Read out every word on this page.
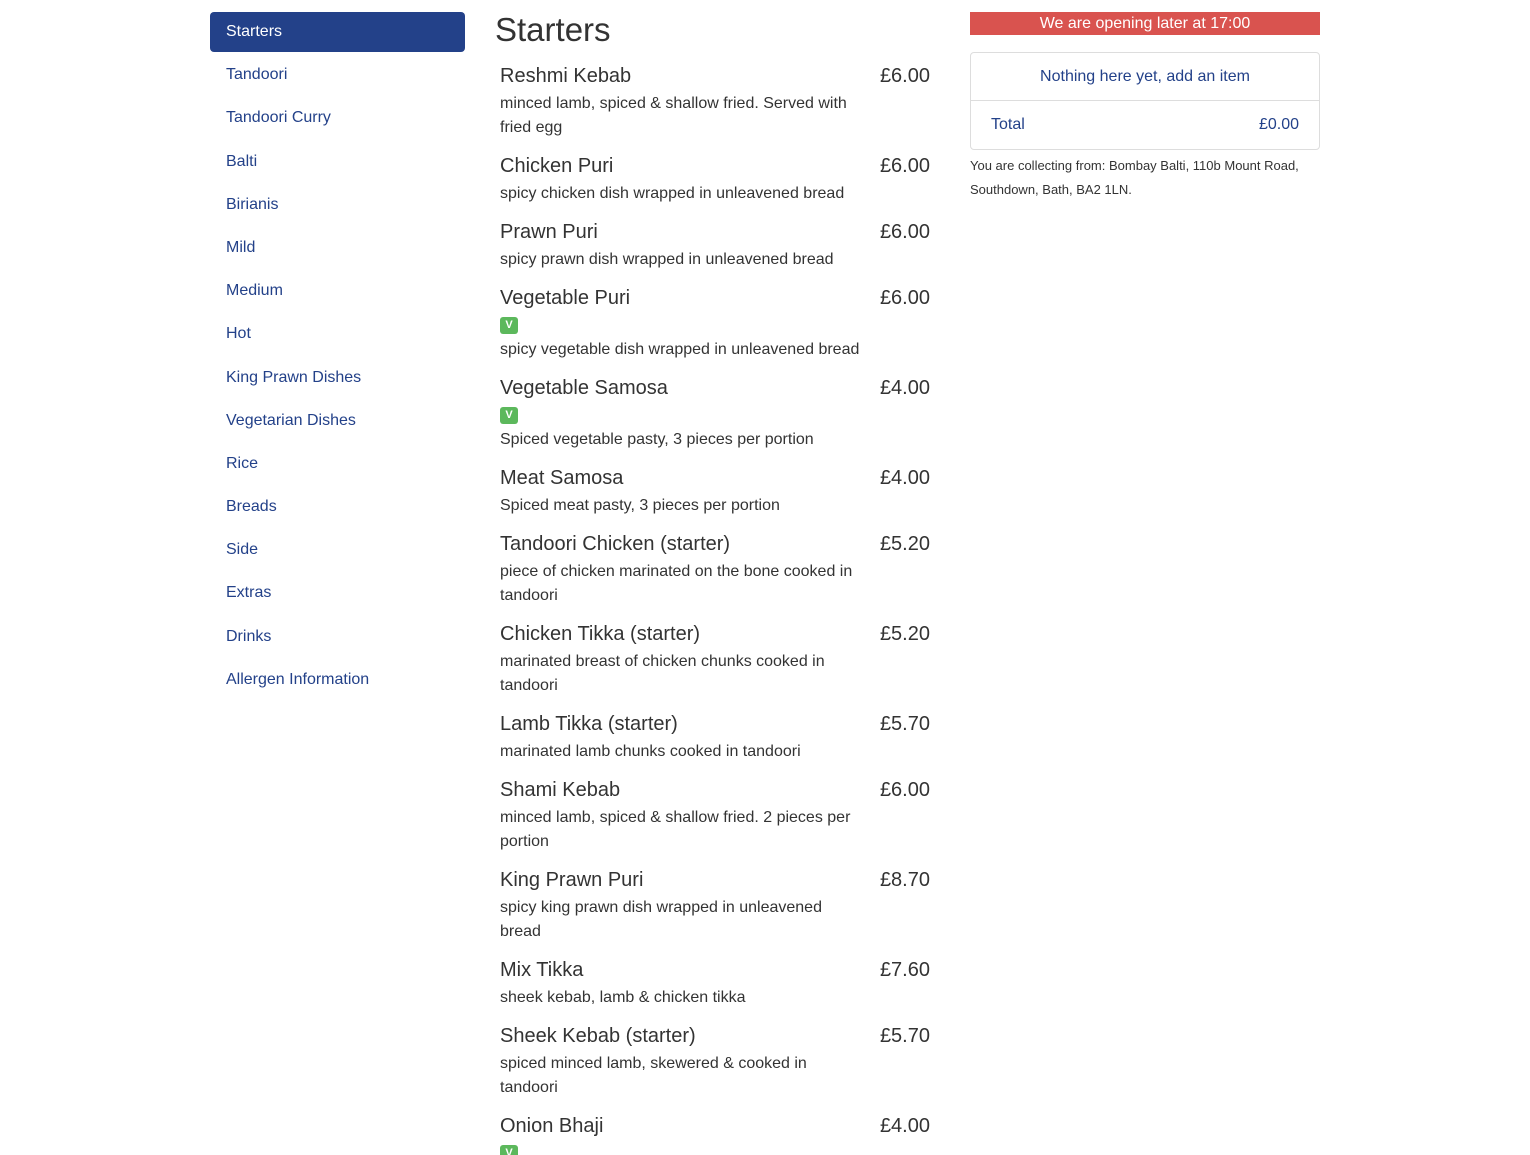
Starters
Tandoori
Tandoori Curry
Balti
Birianis
Mild
Medium
Hot
King Prawn Dishes
Vegetarian Dishes
Rice
Breads
Side
Extras
Drinks
Allergen Information
Starters
Reshmi Kebab	£6.00
minced lamb, spiced & shallow fried. Served with fried egg
Chicken Puri	£6.00
spicy chicken dish wrapped in unleavened bread
Prawn Puri	£6.00
spicy prawn dish wrapped in unleavened bread
Vegetable Puri	£6.00
V
spicy vegetable dish wrapped in unleavened bread
Vegetable Samosa	£4.00
V
Spiced vegetable pasty, 3 pieces per portion
Meat Samosa	£4.00
Spiced meat pasty, 3 pieces per portion
Tandoori Chicken (starter)	£5.20
piece of chicken marinated on the bone cooked in tandoori
Chicken Tikka (starter)	£5.20
marinated breast of chicken chunks cooked in tandoori
Lamb Tikka (starter)	£5.70
marinated lamb chunks cooked in tandoori
Shami Kebab	£6.00
minced lamb, spiced & shallow fried. 2 pieces per portion
King Prawn Puri	£8.70
spicy king prawn dish wrapped in unleavened bread
Mix Tikka	£7.60
sheek kebab, lamb & chicken tikka
Sheek Kebab (starter)	£5.70
spiced minced lamb, skewered & cooked in tandoori
Onion Bhaji	£4.00
V
We are opening later at 17:00
Nothing here yet, add an item
Total	£0.00

You are collecting from: Bombay Balti, 110b Mount Road, Southdown, Bath, BA2 1LN.
